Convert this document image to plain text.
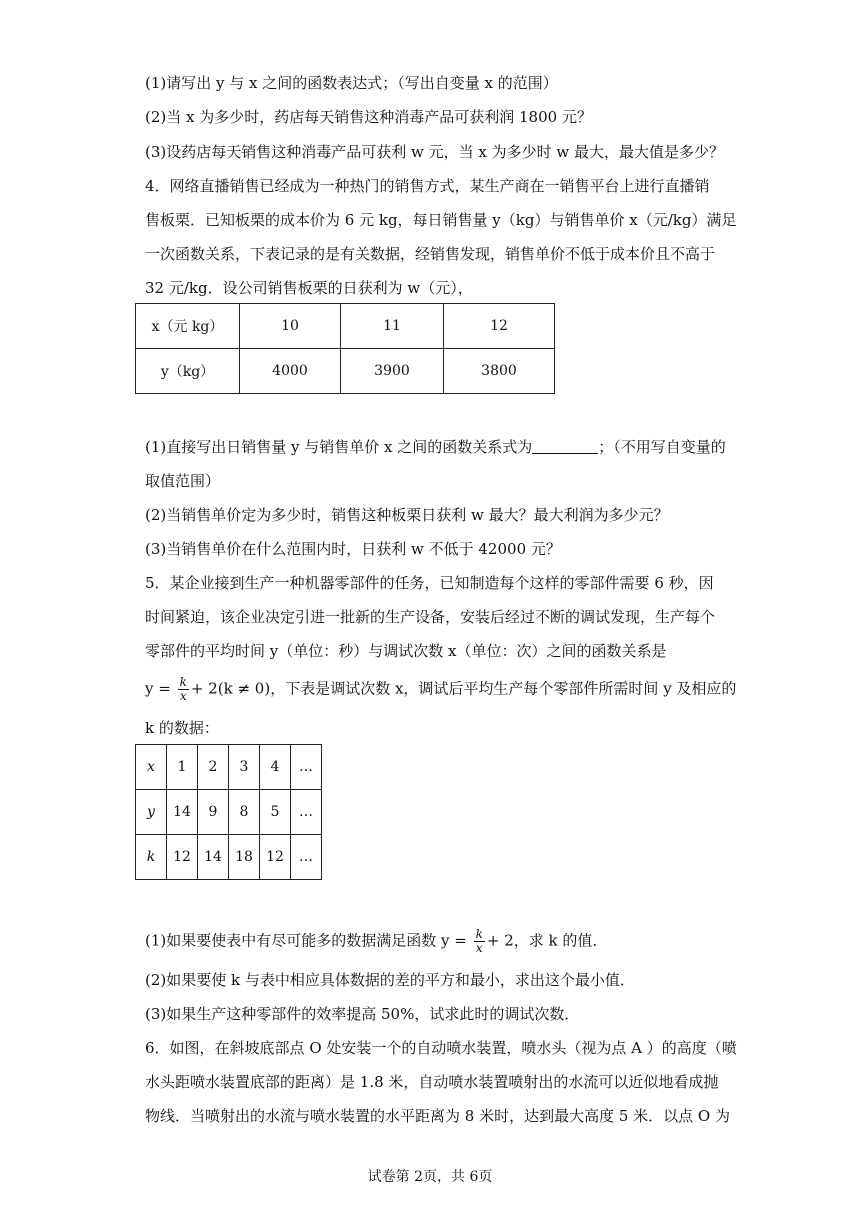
(1)请写出 y 与 x 之间的函数表达式；（写出自变量 x 的范围）
(2)当 x 为多少时，药店每天销售这种消毒产品可获利润 1800 元？
(3)设药店每天销售这种消毒产品可获利 w 元，当 x 为多少时 w 最大，最大值是多少？
4．网络直播销售已经成为一种热门的销售方式，某生产商在一销售平台上进行直播销
售板栗．已知板栗的成本价为 6 元 kg，每日销售量 y（kg）与销售单价 x（元/kg）满足
一次函数关系，下表记录的是有关数据，经销售发现，销售单价不低于成本价且不高于
32 元/kg．设公司销售板栗的日获利为 w（元），
x（元 kg）	10	11	12
y（kg）	4000	3900	3800
(1)直接写出日销售量 y 与销售单价 x 之间的函数关系式为	；（不用写自变量的
取值范围）
(2)当销售单价定为多少时，销售这种板栗日获利 w 最大？最大利润为多少元？
(3)当销售单价在什么范围内时，日获利 w 不低于 42000 元？
5．某企业接到生产一种机器零部件的任务，已知制造每个这样的零部件需要 6 秒，因
时间紧迫，该企业决定引进一批新的生产设备，安装后经过不断的调试发现，生产每个
零部件的平均时间 y（单位：秒）与调试次数 x（单位：次）之间的函数关系是
$y = \frac{k}{x} + 2(k \ne 0)$，下表是调试次数 x，调试后平均生产每个零部件所需时间 y 及相应的
k 的数据：
x	1	2	3	4	…
y	14	9	8	5	…
k	12	14	18	12	…
(1)如果要使表中有尽可能多的数据满足函数 $y = \frac{k}{x} + 2$，求 k 的值．
(2)如果要使 k 与表中相应具体数据的差的平方和最小，求出这个最小值．
(3)如果生产这种零部件的效率提高 50%，试求此时的调试次数．
6．如图，在斜坡底部点 O 处安装一个的自动喷水装置，喷水头（视为点 A ）的高度（喷
水头距喷水装置底部的距离）是 1.8 米，自动喷水装置喷射出的水流可以近似地看成抛
物线．当喷射出的水流与喷水装置的水平距离为 8 米时，达到最大高度 5 米．以点 O 为
试卷第 2页，共 6页
